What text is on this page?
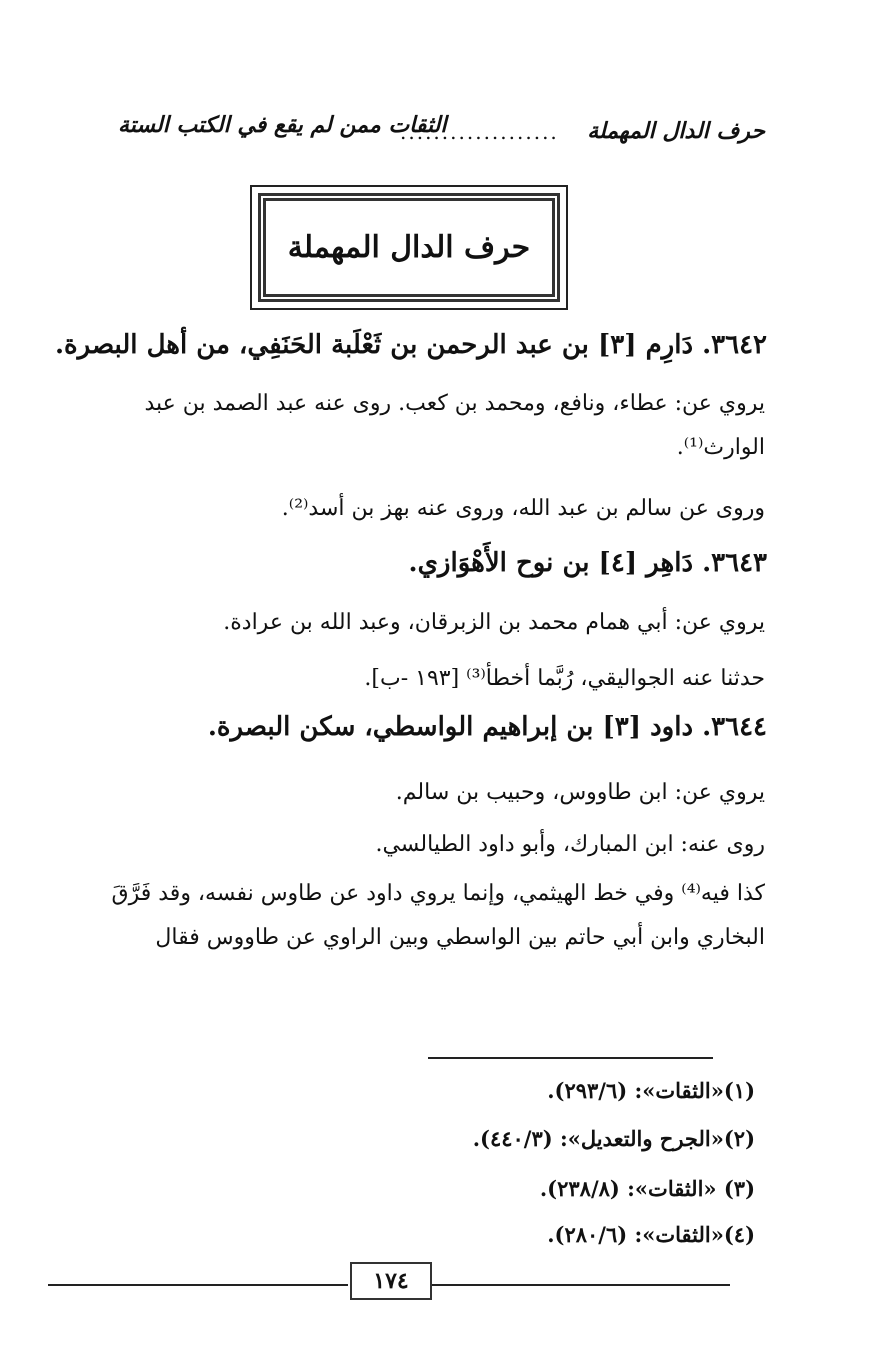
حرف الدال المهملة
...................
الثقات ممن لم يقع في الكتب الستة
حرف الدال المهملة
٣٦٤٢. دَارِم [٣] بن عبد الرحمن بن ثَعْلَبة الحَنَفِي، من أهل البصرة.
يروي عن: عطاء، ونافع، ومحمد بن كعب. روى عنه عبد الصمد بن عبد الوارث⁽¹⁾.
وروى عن سالم بن عبد الله، وروى عنه بهز بن أسد⁽²⁾.
٣٦٤٣. دَاهِر [٤] بن نوح الأَهْوَازي.
يروي عن: أبي همام محمد بن الزبرقان، وعبد الله بن عرادة.
حدثنا عنه الجواليقي، رُبَّما أخطأ⁽³⁾ [١٩٣ -ب].
٣٦٤٤. داود [٣] بن إبراهيم الواسطي، سكن البصرة.
يروي عن: ابن طاووس، وحبيب بن سالم.
روى عنه: ابن المبارك، وأبو داود الطيالسي.
كذا فيه⁽⁴⁾ وفي خط الهيثمي، وإنما يروي داود عن طاوس نفسه، وقد فَرَّقَ البخاري وابن أبي حاتم بين الواسطي وبين الراوي عن طاووس فقال
(١)«الثقات»: (٢٩٣/٦).
(٢)«الجرح والتعديل»: (٤٤٠/٣).
(٣) «الثقات»: (٢٣٨/٨).
(٤)«الثقات»: (٢٨٠/٦).
١٧٤
